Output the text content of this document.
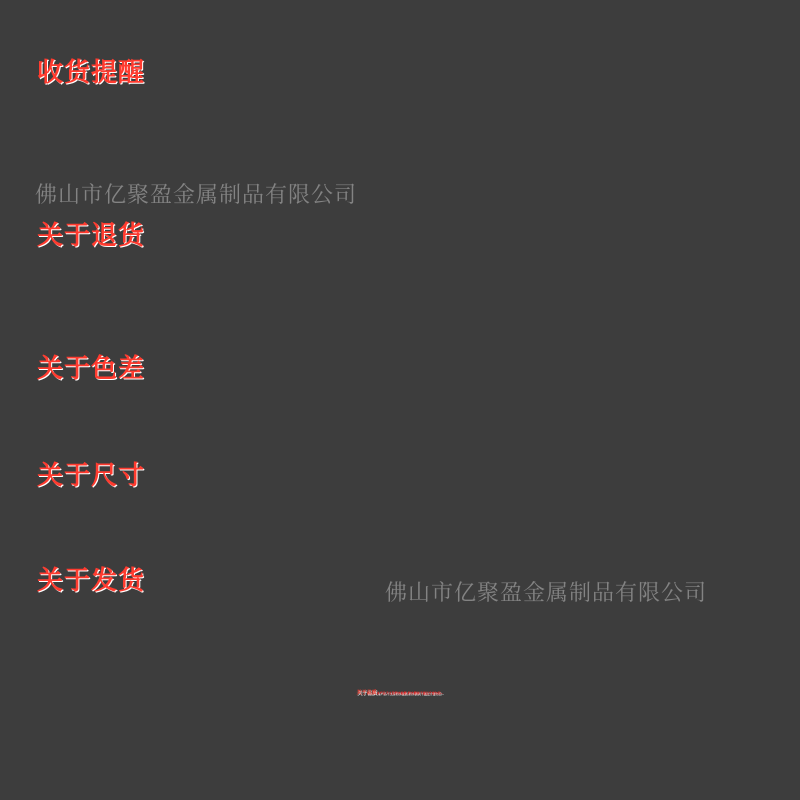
佛山市亿聚盈金属制品有限公司
佛山市亿聚盈金属制品有限公司
收货提醒
关于退货
关于色差
关于尺寸
关于发货
关于品质本产品不支持药水检测,药水测试不通过介意勿拍~
